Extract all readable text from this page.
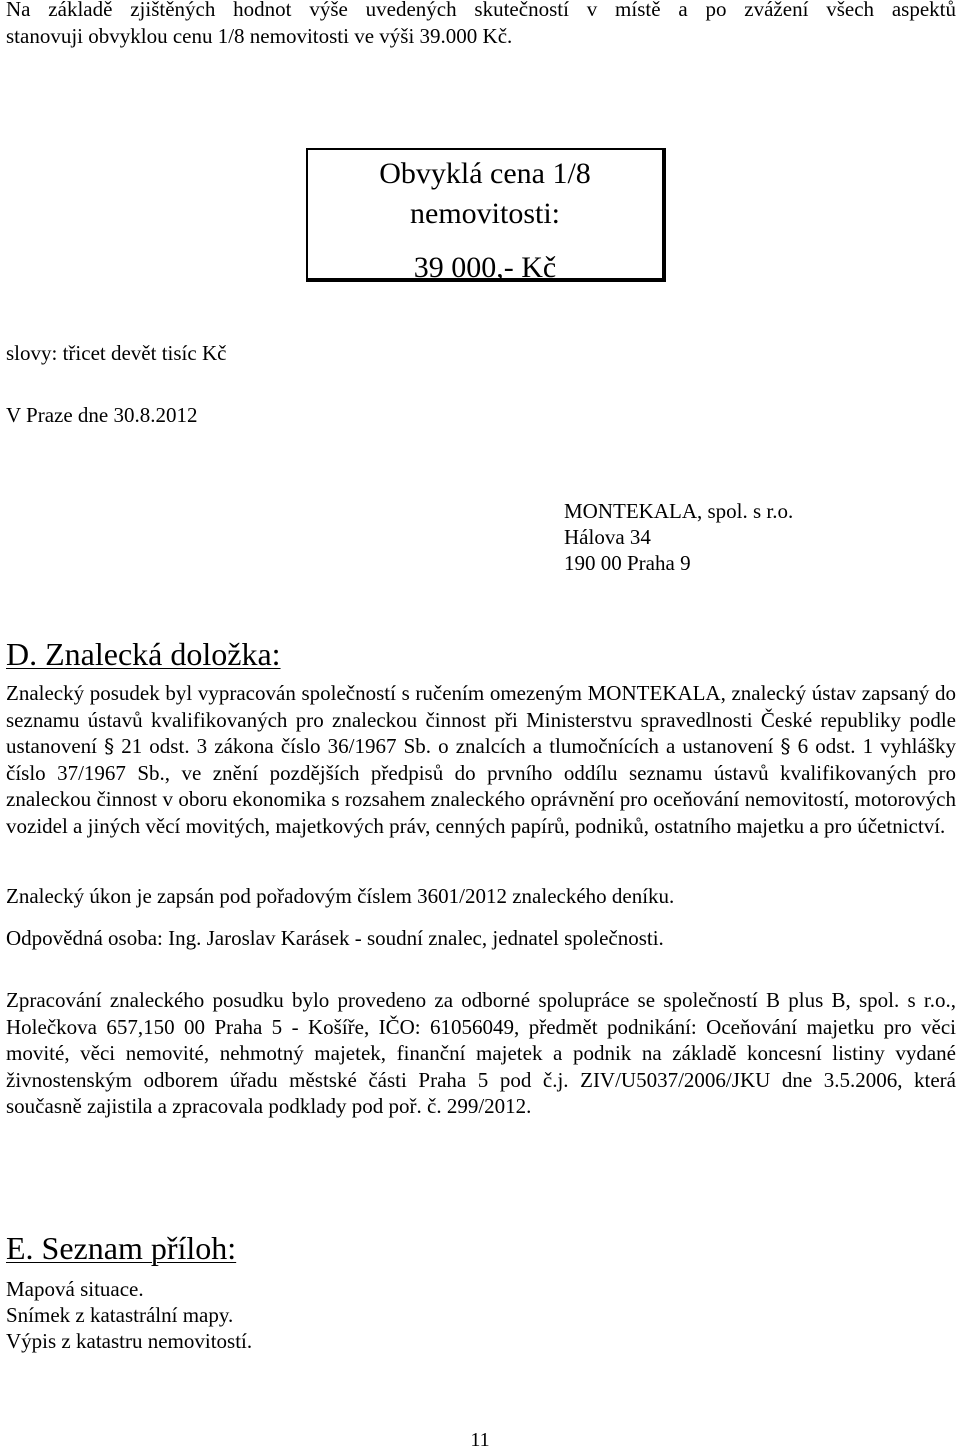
Na základě zjištěných hodnot výše uvedených skutečností v místě a po zvážení všech aspektů
stanovuji obvyklou cenu 1/8 nemovitosti ve výši 39.000 Kč.

Obvyklá cena 1/8
nemovitosti:
39 000,- Kč
slovy: třicet devět tisíc Kč
V Praze dne 30.8.2012
MONTEKALA, spol. s r.o.
Hálova 34
190 00 Praha 9
D. Znalecká doložka:

Znalecký posudek byl vypracován společností s ručením omezeným MONTEKALA, znalecký ústav zapsaný do seznamu ústavů kvalifikovaných pro znaleckou činnost při Ministerstvu spravedlnosti České republiky podle ustanovení § 21 odst. 3 zákona číslo 36/1967 Sb. o znalcích a tlumočnících a ustanovení § 6 odst. 1 vyhlášky číslo 37/1967 Sb., ve znění pozdějších předpisů do prvního oddílu seznamu ústavů kvalifikovaných pro znaleckou činnost v oboru ekonomika s rozsahem znaleckého oprávnění pro oceňování nemovitostí, motorových vozidel a jiných věcí movitých, majetkových práv, cenných papírů, podniků, ostatního majetku a pro účetnictví.

Znalecký úkon je zapsán pod pořadovým číslem 3601/2012 znaleckého deníku.

Odpovědná osoba: Ing. Jaroslav Karásek - soudní znalec, jednatel společnosti.

Zpracování znaleckého posudku bylo provedeno za odborné spolupráce se společností B plus B, spol. s r.o., Holečkova 657,150 00 Praha 5 - Košíře, IČO: 61056049, předmět podnikání: Oceňování majetku pro věci movité, věci nemovité, nehmotný majetek, finanční majetek a podnik na základě koncesní listiny vydané živnostenským odborem úřadu městské části Praha 5 pod č.j. ZIV/U5037/2006/JKU dne 3.5.2006, která současně zajistila a zpracovala podklady pod poř. č. 299/2012.

E. Seznam příloh:
Mapová situace.
Snímek z katastrální mapy.
Výpis z katastru nemovitostí.
11
